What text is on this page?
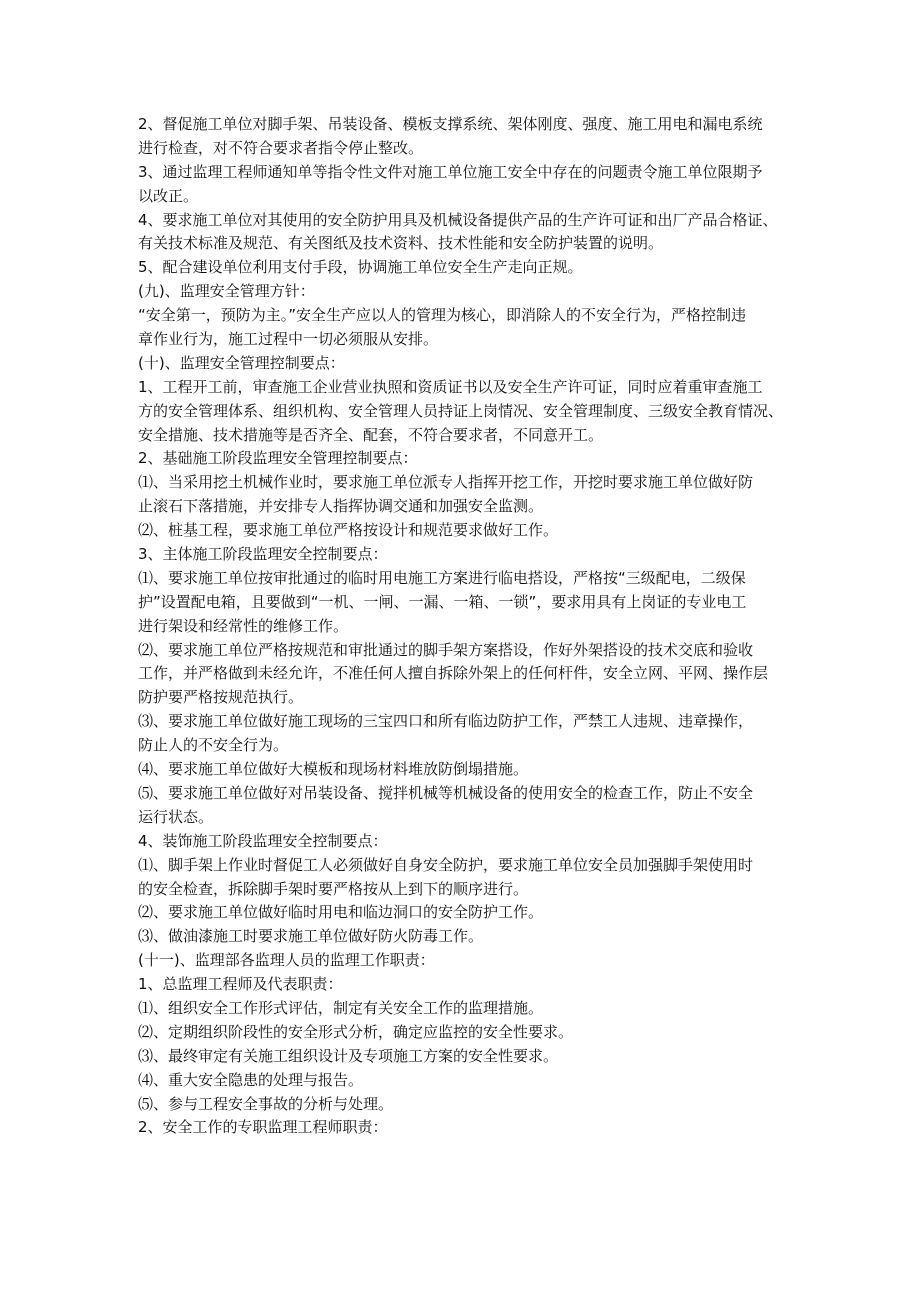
2、督促施工单位对脚手架、吊装设备、模板支撑系统、架体刚度、强度、施工用电和漏电系统

进行检查，对不符合要求者指令停止整改。

3、通过监理工程师通知单等指令性文件对施工单位施工安全中存在的问题责令施工单位限期予

以改正。

4、要求施工单位对其使用的安全防护用具及机械设备提供产品的生产许可证和出厂产品合格证、

有关技术标准及规范、有关图纸及技术资料、技术性能和安全防护装置的说明。

5、配合建设单位利用支付手段，协调施工单位安全生产走向正规。

(九)、监理安全管理方针：

“安全第一，预防为主。”安全生产应以人的管理为核心，即消除人的不安全行为，严格控制违

章作业行为，施工过程中一切必须服从安排。

(十)、监理安全管理控制要点：

1、工程开工前，审查施工企业营业执照和资质证书以及安全生产许可证，同时应着重审查施工

方的安全管理体系、组织机构、安全管理人员持证上岗情况、安全管理制度、三级安全教育情况、

安全措施、技术措施等是否齐全、配套，不符合要求者，不同意开工。

2、基础施工阶段监理安全管理控制要点：

⑴、当采用挖土机械作业时，要求施工单位派专人指挥开挖工作，开挖时要求施工单位做好防

止滚石下落措施，并安排专人指挥协调交通和加强安全监测。

⑵、桩基工程，要求施工单位严格按设计和规范要求做好工作。

3、主体施工阶段监理安全控制要点：

⑴、要求施工单位按审批通过的临时用电施工方案进行临电搭设，严格按“三级配电，二级保

护”设置配电箱，且要做到“一机、一闸、一漏、一箱、一锁”，要求用具有上岗证的专业电工

进行架设和经常性的维修工作。

⑵、要求施工单位严格按规范和审批通过的脚手架方案搭设，作好外架搭设的技术交底和验收

工作，并严格做到未经允许，不准任何人擅自拆除外架上的任何杆件，安全立网、平网、操作层

防护要严格按规范执行。

⑶、要求施工单位做好施工现场的三宝四口和所有临边防护工作，严禁工人违规、违章操作，

防止人的不安全行为。

⑷、要求施工单位做好大模板和现场材料堆放防倒塌措施。

⑸、要求施工单位做好对吊装设备、搅拌机械等机械设备的使用安全的检查工作，防止不安全

运行状态。

4、装饰施工阶段监理安全控制要点：

⑴、脚手架上作业时督促工人必须做好自身安全防护，要求施工单位安全员加强脚手架使用时

的安全检查，拆除脚手架时要严格按从上到下的顺序进行。

⑵、要求施工单位做好临时用电和临边洞口的安全防护工作。

⑶、做油漆施工时要求施工单位做好防火防毒工作。

(十一)、监理部各监理人员的监理工作职责：

1、总监理工程师及代表职责：

⑴、组织安全工作形式评估，制定有关安全工作的监理措施。

⑵、定期组织阶段性的安全形式分析，确定应监控的安全性要求。

⑶、最终审定有关施工组织设计及专项施工方案的安全性要求。

⑷、重大安全隐患的处理与报告。

⑸、参与工程安全事故的分析与处理。

2、安全工作的专职监理工程师职责：
